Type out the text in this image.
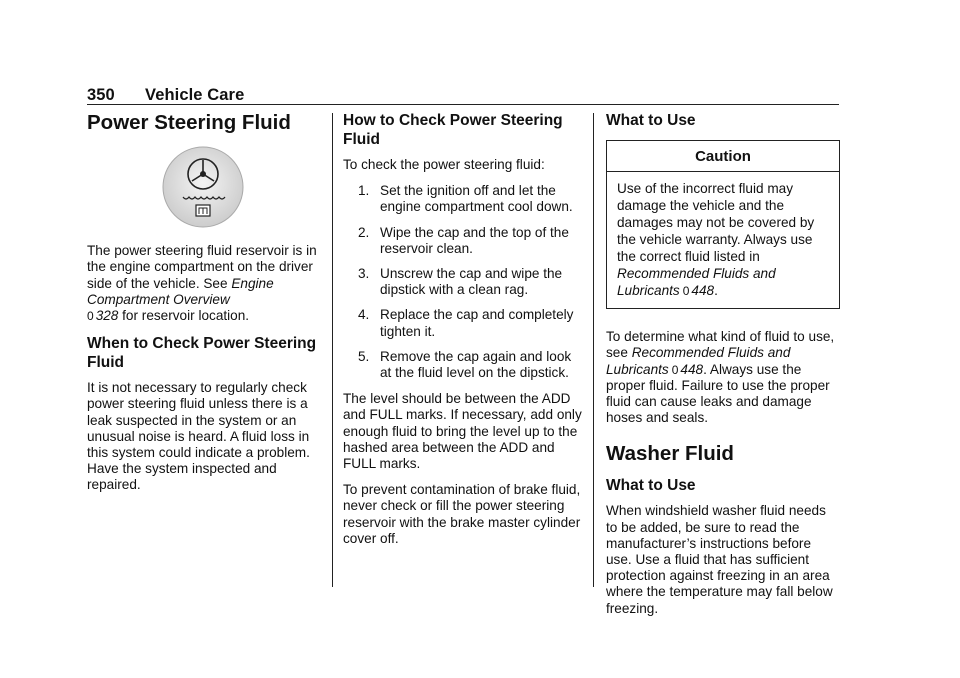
350 Vehicle Care
Power Steering Fluid

The power steering fluid reservoir is in the engine compartment on the driver side of the vehicle. See Engine Compartment Overview
0 328 for reservoir location.

When to Check Power Steering Fluid

It is not necessary to regularly check power steering fluid unless there is a leak suspected in the system or an unusual noise is heard. A fluid loss in this system could indicate a problem. Have the system inspected and repaired.

How to Check Power Steering Fluid

To check the power steering fluid:

1. Set the ignition off and let the engine compartment cool down.
2. Wipe the cap and the top of the reservoir clean.
3. Unscrew the cap and wipe the dipstick with a clean rag.
4. Replace the cap and completely tighten it.
5. Remove the cap again and look at the fluid level on the dipstick.

The level should be between the ADD and FULL marks. If necessary, add only enough fluid to bring the level up to the hashed area between the ADD and FULL marks.

To prevent contamination of brake fluid, never check or fill the power steering reservoir with the brake master cylinder cover off.

What to Use
Caution
Use of the incorrect fluid may damage the vehicle and the damages may not be covered by the vehicle warranty. Always use the correct fluid listed in Recommended Fluids and Lubricants 0 448.

To determine what kind of fluid to use, see Recommended Fluids and Lubricants 0 448. Always use the proper fluid. Failure to use the proper fluid can cause leaks and damage hoses and seals.

Washer Fluid
What to Use

When windshield washer fluid needs to be added, be sure to read the manufacturer’s instructions before use. Use a fluid that has sufficient protection against freezing in an area where the temperature may fall below freezing.
